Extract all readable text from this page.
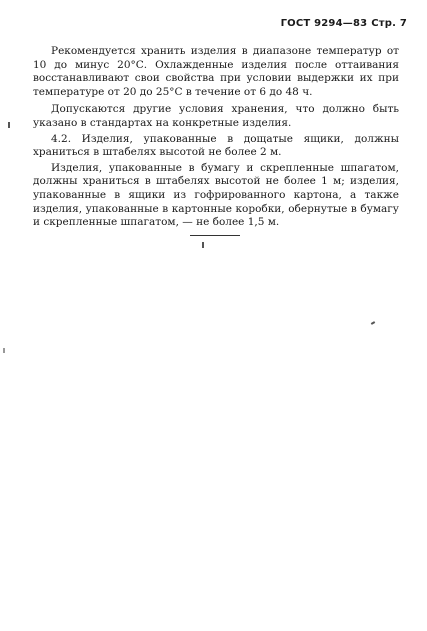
ГОСТ 9294—83 Стр. 7

Рекомендуется хранить изделия в диапазоне температур от 10 до минус 20°С. Охлажденные изделия после оттаивания восстанавливают свои свойства при условии выдержки их при температуре от 20 до 25°С в течение от 6 до 48 ч.

Допускаются другие условия хранения, что должно быть указано в стандартах на конкретные изделия.

4.2. Изделия, упакованные в дощатые ящики, должны храниться в штабелях высотой не более 2 м.

Изделия, упакованные в бумагу и скрепленные шпагатом, должны храниться в штабелях высотой не более 1 м; изделия, упакованные в ящики из гофрированного картона, а также изделия, упакованные в картонные коробки, обернутые в бумагу и скрепленные шпагатом, — не более 1,5 м.
